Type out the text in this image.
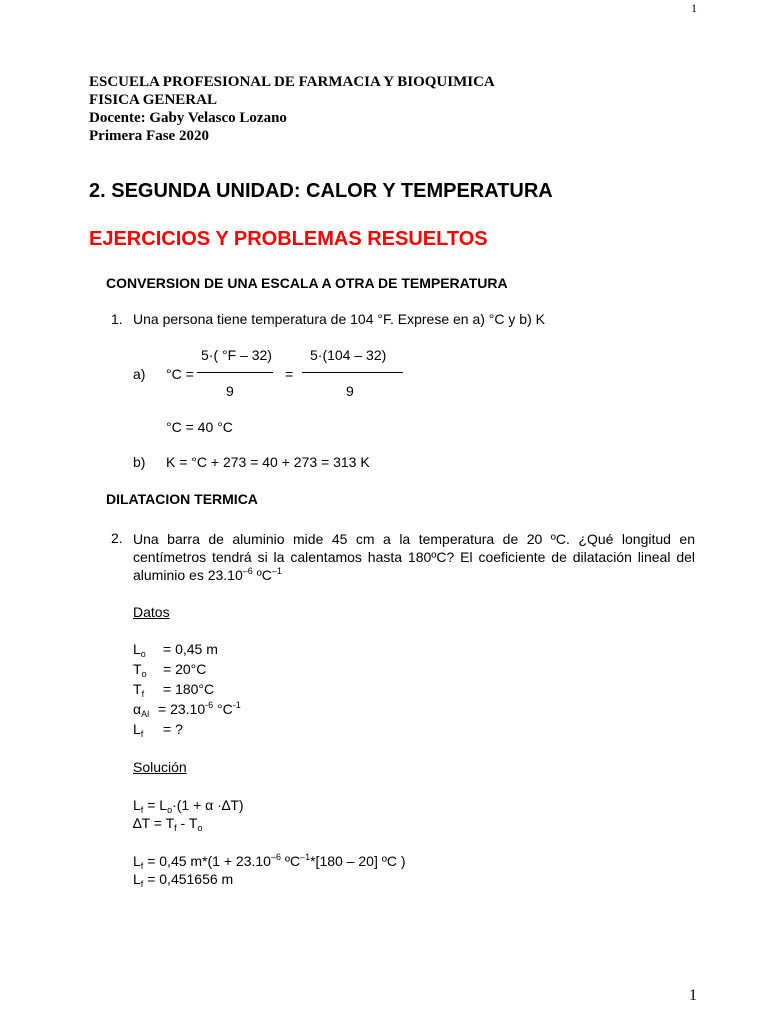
1
1
ESCUELA PROFESIONAL DE FARMACIA Y BIOQUIMICA
FISICA GENERAL
Docente: Gaby Velasco Lozano
Primera Fase 2020
2. SEGUNDA UNIDAD: CALOR Y TEMPERATURA
EJERCICIOS Y PROBLEMAS RESUELTOS
CONVERSION DE UNA ESCALA A OTRA DE TEMPERATURA
1. Una persona tiene temperatura de 104 °F. Exprese en a) °C y b) K
a) °C =
5·( °F – 32)
9
=
5·(104 – 32)
9
°C = 40 °C
b) K = °C + 273 = 40 + 273 = 313 K
DILATACION TERMICA
2. Una barra de aluminio mide 45 cm a la temperatura de 20 ºC. ¿Qué longitud en centímetros tendrá si la calentamos hasta 180ºC? El coeficiente de dilatación lineal del aluminio es $23.10^{-6}$ ºC$^{-1}$
Datos
$L_o = 0,45$ m
$T_o = 20^\circ C$
$T_f = 180^\circ C$
$\alpha_{Al} = 23.10^{-6}$ $^\circ C^{-1}$
$L_f$ = ?
Solución
$L_f = L_o\cdot(1 + \alpha \cdot\Delta T)$
$\Delta T = T_f - T_o$
$L_f = 0,45$ $m*(1 + 23.10^{-6}$ ºC$^{-1}$*[180 – 20] ºC )
$L_f = 0,451656$ m
